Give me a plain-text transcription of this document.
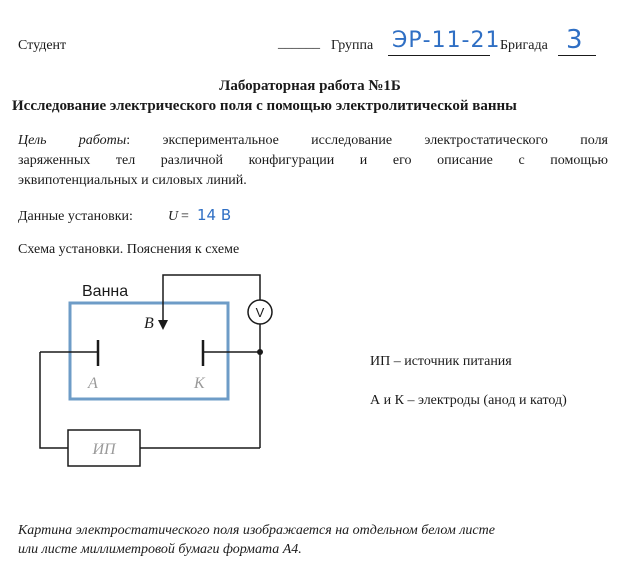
Студент	______ Группа ЭР-11-21 Бригада 3
Лабораторная работа №1Б
Исследование электрического поля с помощью электролитической ванны
Цель работы: экспериментальное исследование электростатического поля
заряженных тел различной конфигурации и его описание с помощью
эквипотенциальных и силовых линий.
Данные установки:	U = 14 В
Схема установки. Пояснения к схеме
Ванна
A	K
B
V
ИП
ИП – источник питания
А и К – электроды (анод и катод)
Картина электростатического поля изображается на отдельном белом листе
или листе миллиметровой бумаги формата А4.
